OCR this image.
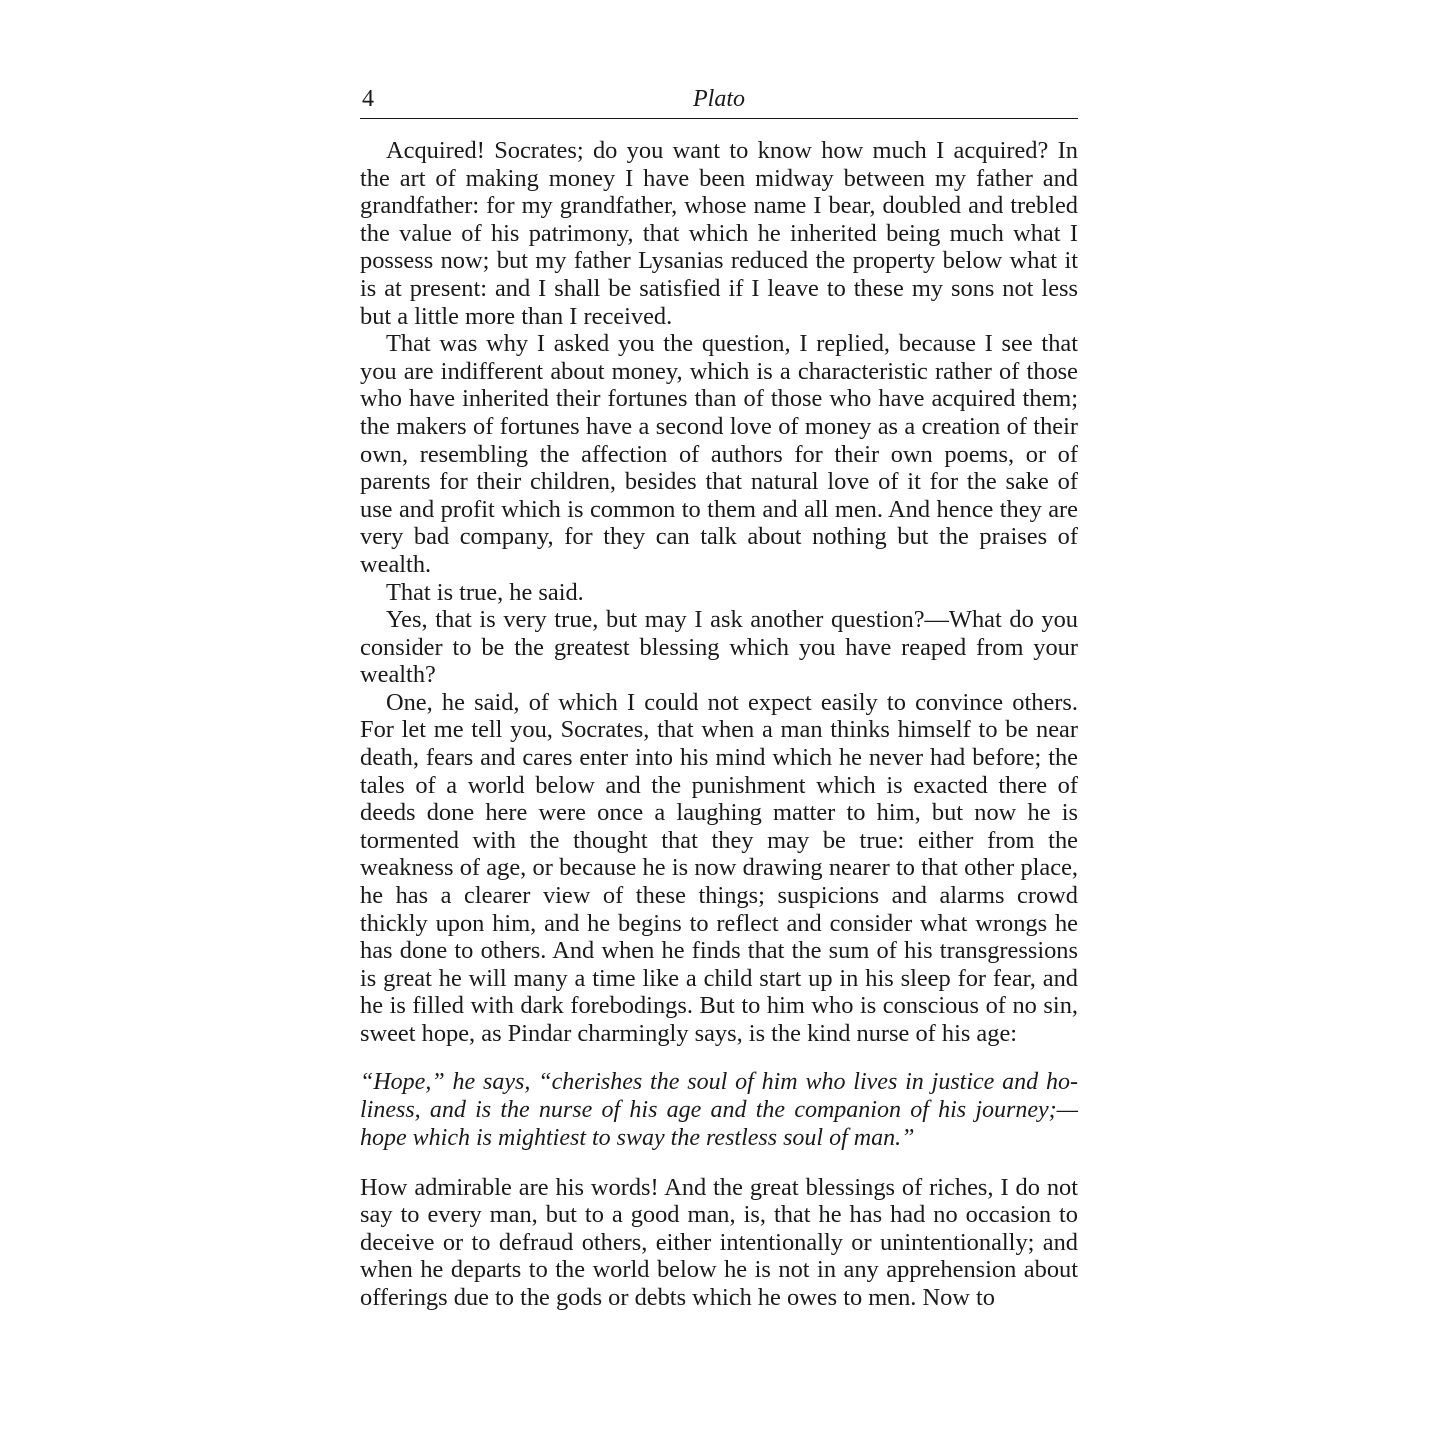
4	Plato

Acquired! Socrates; do you want to know how much I acquired? In the art of making money I have been midway between my father and grandfather: for my grandfather, whose name I bear, doubled and trebled the value of his patrimony, that which he inherited being much what I possess now; but my father Lysanias reduced the property below what it is at present: and I shall be satisfied if I leave to these my sons not less but a little more than I received.

That was why I asked you the question, I replied, because I see that you are indifferent about money, which is a characteristic rather of those who have inherited their fortunes than of those who have acquired them; the makers of fortunes have a second love of money as a creation of their own, resembling the affection of authors for their own poems, or of parents for their children, besides that natural love of it for the sake of use and profit which is common to them and all men. And hence they are very bad company, for they can talk about nothing but the praises of wealth.

That is true, he said.

Yes, that is very true, but may I ask another question?—What do you consider to be the greatest blessing which you have reaped from your wealth?

One, he said, of which I could not expect easily to convince others. For let me tell you, Socrates, that when a man thinks himself to be near death, fears and cares enter into his mind which he never had before; the tales of a world below and the punishment which is exacted there of deeds done here were once a laughing matter to him, but now he is tormented with the thought that they may be true: either from the weakness of age, or because he is now drawing nearer to that other place, he has a clearer view of these things; suspicions and alarms crowd thickly upon him, and he begins to reflect and consider what wrongs he has done to others. And when he finds that the sum of his transgressions is great he will many a time like a child start up in his sleep for fear, and he is filled with dark forebodings. But to him who is conscious of no sin, sweet hope, as Pindar charmingly says, is the kind nurse of his age:

“Hope,” he says, “cherishes the soul of him who lives in justice and holiness, and is the nurse of his age and the companion of his journey;—hope which is mightiest to sway the restless soul of man.”

How admirable are his words! And the great blessings of riches, I do not say to every man, but to a good man, is, that he has had no occasion to deceive or to defraud others, either intentionally or unintentionally; and when he departs to the world below he is not in any apprehension about offerings due to the gods or debts which he owes to men. Now to
